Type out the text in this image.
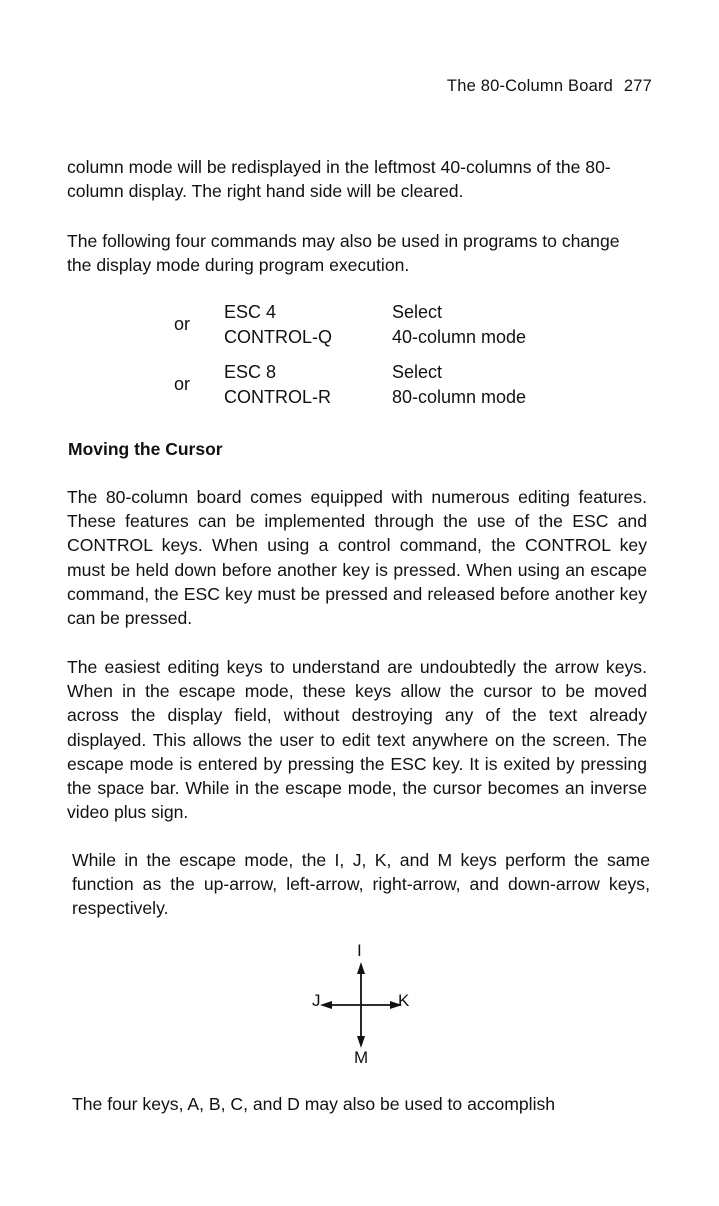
The 80-Column Board 277

column mode will be redisplayed in the leftmost 40-columns of the 80-column display. The right hand side will be cleared.

The following four commands may also be used in programs to change the display mode during program execution.

or
ESC 4
CONTROL-Q
Select
40-column mode
or
ESC 8
CONTROL-R
Select
80-column mode
Moving the Cursor

The 80-column board comes equipped with numerous editing features. These features can be implemented through the use of the ESC and CONTROL keys. When using a control command, the CONTROL key must be held down before another key is pressed. When using an escape command, the ESC key must be pressed and released before another key can be pressed.

The easiest editing keys to understand are undoubtedly the arrow keys. When in the escape mode, these keys allow the cursor to be moved across the display field, without destroying any of the text already displayed. This allows the user to edit text anywhere on the screen. The escape mode is entered by pressing the ESC key. It is exited by pressing the space bar. While in the escape mode, the cursor becomes an inverse video plus sign.

While in the escape mode, the I, J, K, and M keys perform the same function as the up-arrow, left-arrow, right-arrow, and down-arrow keys, respectively.

I
J	K
M

The four keys, A, B, C, and D may also be used to accomplish
